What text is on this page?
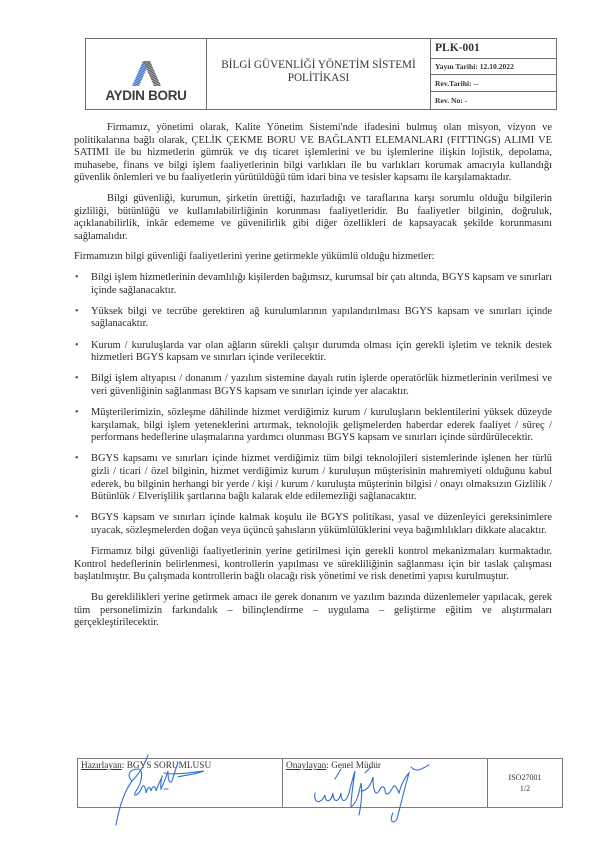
AYDIN BORU
BİLGİ GÜVENLİĞİ YÖNETİM SİSTEMİ
POLİTİKASI
PLK-001
Yayın Tarihi: 12.10.2022
Rev.Tarihi: --
Rev. No: -

Firmamız, yönetimi olarak, Kalite Yönetim Sistemi'nde ifadesini bulmuş olan misyon, vizyon ve politikalarına bağlı olarak, ÇELİK ÇEKME BORU VE BAĞLANTI ELEMANLARI (FITTINGS) ALIMI VE SATIMI ile bu hizmetlerin gümrük ve dış ticaret işlemlerini ve bu işlemlerine ilişkin lojistik, depolama, muhasebe, finans ve bilgi işlem faaliyetlerinin bilgi varlıkları ile bu varlıkları korumak amacıyla kullandığı güvenlik önlemleri ve bu faaliyetlerin yürütüldüğü tüm idari bina ve tesisler kapsamı ile karşılamaktadır.

Bilgi güvenliği, kurumun, şirketin ürettiği, hazırladığı ve taraflarına karşı sorumlu olduğu bilgilerin gizliliği, bütünlüğü ve kullanılabilirliğinin korunması faaliyetleridir. Bu faaliyetler bilginin, doğruluk, açıklanabilirlik, inkâr edememe ve güvenilirlik gibi diğer özellikleri de kapsayacak şekilde korunmasını sağlamalıdır.

Firmamızın bilgi güvenliği faaliyetlerini yerine getirmekle yükümlü olduğu hizmetler:

• Bilgi işlem hizmetlerinin devamlılığı kişilerden bağımsız, kurumsal bir çatı altında, BGYS kapsam ve sınırları içinde sağlanacaktır.
• Yüksek bilgi ve tecrübe gerektiren ağ kurulumlarının yapılandırılması BGYS kapsam ve sınırları içinde sağlanacaktır.
• Kurum / kuruluşlarda var olan ağların sürekli çalışır durumda olması için gerekli işletim ve teknik destek hizmetleri BGYS kapsam ve sınırları içinde verilecektir.
• Bilgi işlem altyapısı / donanım / yazılım sistemine dayalı rutin işlerde operatörlük hizmetlerinin verilmesi ve veri güvenliğinin sağlanması BGYS kapsam ve sınırları içinde yer alacaktır.
• Müşterilerimizin, sözleşme dâhilinde hizmet verdiğimiz kurum / kuruluşların beklentilerini yüksek düzeyde karşılamak, bilgi işlem yeteneklerini artırmak, teknolojik gelişmelerden haberdar ederek faaliyet / süreç / performans hedeflerine ulaşmalarına yardımcı olunması BGYS kapsam ve sınırları içinde sürdürülecektir.
• BGYS kapsamı ve sınırları içinde hizmet verdiğimiz tüm bilgi teknolojileri sistemlerinde işlenen her türlü gizli / ticari / özel bilginin, hizmet verdiğimiz kurum / kuruluşun müşterisinin mahremiyeti olduğunu kabul ederek, bu bilginin herhangi bir yerde / kişi / kurum / kuruluşta müşterinin bilgisi / onayı olmaksızın Gizlilik / Bütünlük / Elverişlilik şartlarına bağlı kalarak elde edilemezliği sağlanacaktır.
• BGYS kapsam ve sınırları içinde kalmak koşulu ile BGYS politikası, yasal ve düzenleyici gereksinimlere uyacak, sözleşmelerden doğan veya üçüncü şahısların yükümlülüklerini veya bağımlılıkları dikkate alacaktır.

Firmamız bilgi güvenliği faaliyetlerinin yerine getirilmesi için gerekli kontrol mekanizmaları kurmaktadır. Kontrol hedeflerinin belirlenmesi, kontrollerin yapılması ve sürekliliğinin sağlanması için bir taslak çalışması başlatılmıştır. Bu çalışmada kontrollerin bağlı olacağı risk yönetimi ve risk denetimi yapısı kurulmuştur.

Bu gereklilikleri yerine getirmek amacı ile gerek donanım ve yazılım bazında düzenlemeler yapılacak, gerek tüm personelimizin farkındalık – bilinçlendirme – uygulama – geliştirme eğitim ve alıştırmaları gerçekleştirilecektir.

Hazırlayan: BGYS SORUMLUSU	Onaylayan: Genel Müdür
ISO27001
1/2
